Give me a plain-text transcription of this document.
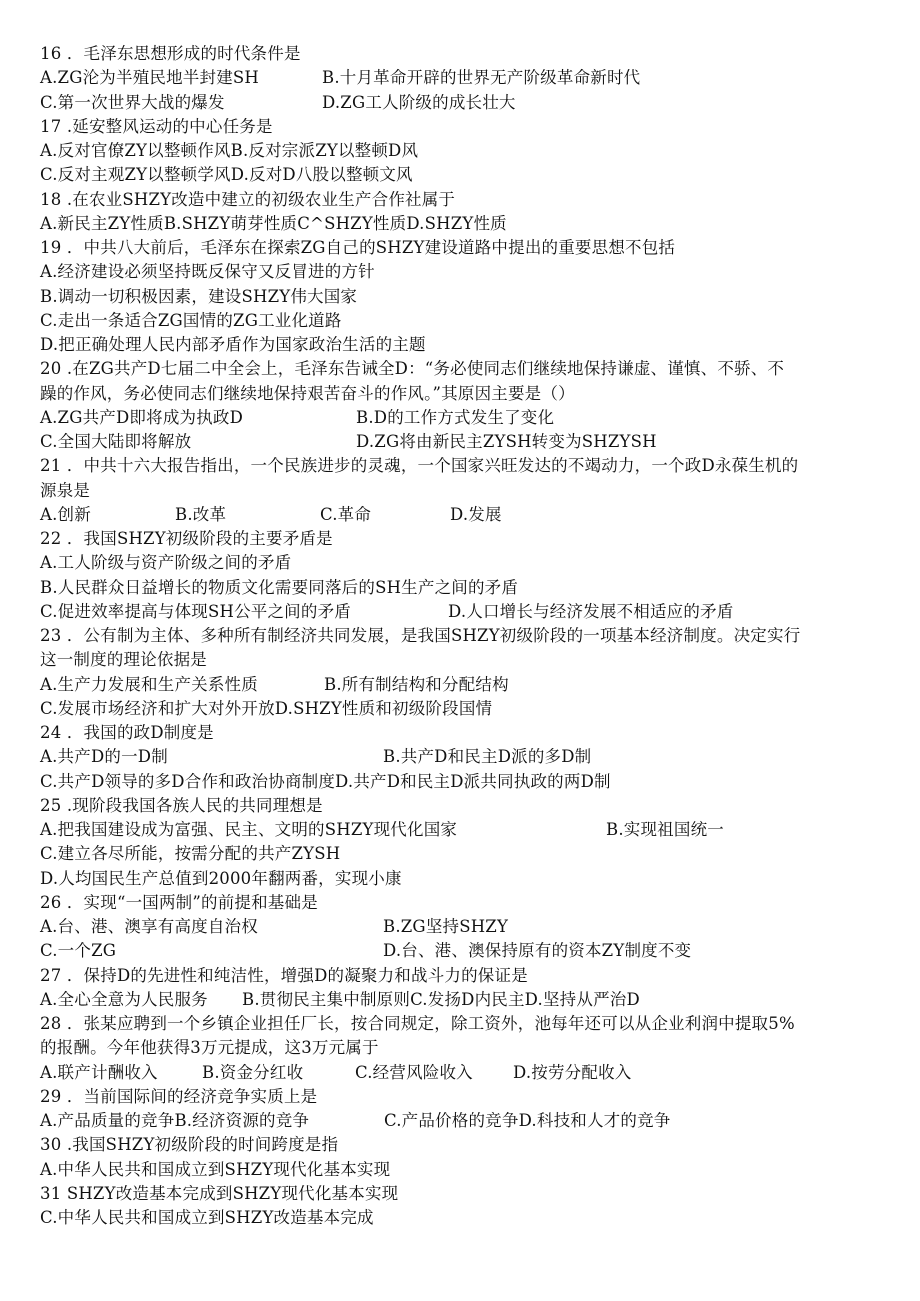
16 ．毛泽东思想形成的时代条件是
A.ZG沦为半殖民地半封建SH	B.十月革命开辟的世界无产阶级革命新时代
C.第一次世界大战的爆发	D.ZG工人阶级的成长壮大
17 .延安整风运动的中心任务是
A.反对官僚ZY以整顿作风B.反对宗派ZY以整顿D风
C.反对主观ZY以整顿学风D.反对D八股以整顿文风
18 .在农业SHZY改造中建立的初级农业生产合作社属于
A.新民主ZY性质B.SHZY萌芽性质C^SHZY性质D.SHZY性质
19 ．中共八大前后，毛泽东在探索ZG自己的SHZY建设道路中提出的重要思想不包括
A.经济建设必须坚持既反保守又反冒进的方针
B.调动一切积极因素，建设SHZY伟大国家
C.走出一条适合ZG国情的ZG工业化道路
D.把正确处理人民内部矛盾作为国家政治生活的主题
20 .在ZG共产D七届二中全会上，毛泽东告诫全D：“务必使同志们继续地保持谦虚、谨慎、不骄、不
躁的作风，务必使同志们继续地保持艰苦奋斗的作风。”其原因主要是（）
A.ZG共产D即将成为执政D	B.D的工作方式发生了变化
C.全国大陆即将解放	D.ZG将由新民主ZYSH转变为SHZYSH
21 ．中共十六大报告指出，一个民族进步的灵魂，一个国家兴旺发达的不竭动力，一个政D永葆生机的
源泉是
A.创新	B.改革	C.革命	D.发展
22 ．我国SHZY初级阶段的主要矛盾是
A.工人阶级与资产阶级之间的矛盾
B.人民群众日益增长的物质文化需要同落后的SH生产之间的矛盾
C.促进效率提高与体现SH公平之间的矛盾	D.人口增长与经济发展不相适应的矛盾
23 ．公有制为主体、多种所有制经济共同发展，是我国SHZY初级阶段的一项基本经济制度。决定实行
这一制度的理论依据是
A.生产力发展和生产关系性质	B.所有制结构和分配结构
C.发展市场经济和扩大对外开放D.SHZY性质和初级阶段国情
24 ．我国的政D制度是
A.共产D的一D制	B.共产D和民主D派的多D制
C.共产D领导的多D合作和政治协商制度D.共产D和民主D派共同执政的两D制
25 .现阶段我国各族人民的共同理想是
A.把我国建设成为富强、民主、文明的SHZY现代化国家	B.实现祖国统一
C.建立各尽所能，按需分配的共产ZYSH
D.人均国民生产总值到2000年翻两番，实现小康
26 ．实现“一国两制”的前提和基础是
A.台、港、澳享有高度自治权	B.ZG坚持SHZY
C.一个ZG	D.台、港、澳保持原有的资本ZY制度不变
27 ．保持D的先进性和纯洁性，增强D的凝聚力和战斗力的保证是
A.全心全意为人民服务 B.贯彻民主集中制原则C.发扬D内民主D.坚持从严治D
28 ．张某应聘到一个乡镇企业担任厂长，按合同规定，除工资外，池每年还可以从企业利润中提取5%
的报酬。今年他获得3万元提成，这3万元属于
A.联产计酬收入	B.资金分红收	C.经营风险收入 D.按劳分配收入
29 ．当前国际间的经济竞争实质上是
A.产品质量的竞争B.经济资源的竞争	C.产品价格的竞争D.科技和人才的竞争
30 .我国SHZY初级阶段的时间跨度是指
A.中华人民共和国成立到SHZY现代化基本实现
31 SHZY改造基本完成到SHZY现代化基本实现
C.中华人民共和国成立到SHZY改造基本完成
